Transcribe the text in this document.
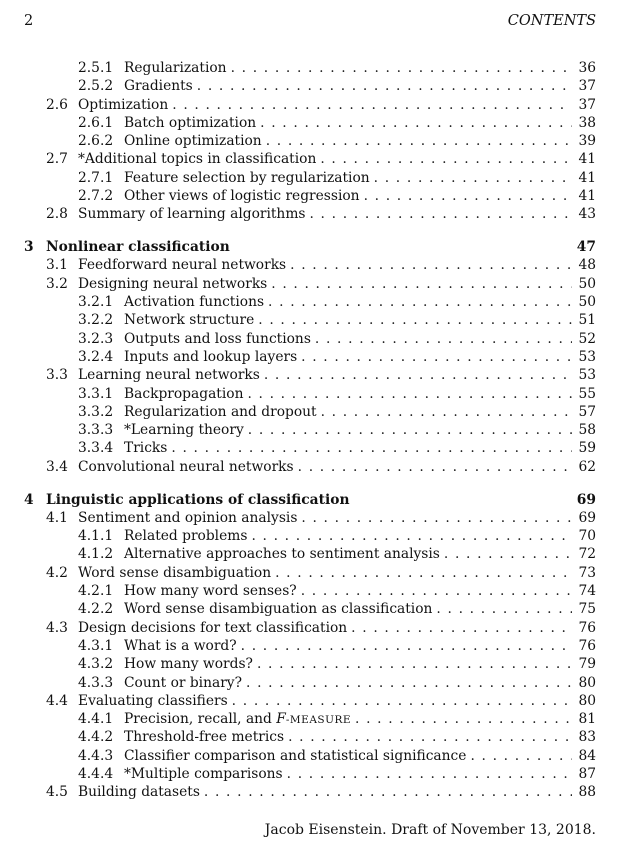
2	CONTENTS
2.5.1 Regularization . . .	36
2.5.2 Gradients . . .	37
2.6 Optimization . . .	37
2.6.1 Batch optimization . . .	38
2.6.2 Online optimization . . .	39
2.7 *Additional topics in classification . . .	41
2.7.1 Feature selection by regularization . . .	41
2.7.2 Other views of logistic regression . . .	41
2.8 Summary of learning algorithms . . .	43
3 Nonlinear classification	47
3.1 Feedforward neural networks . . .	48
3.2 Designing neural networks . . .	50
3.2.1 Activation functions . . .	50
3.2.2 Network structure . . .	51
3.2.3 Outputs and loss functions . . .	52
3.2.4 Inputs and lookup layers . . .	53
3.3 Learning neural networks . . .	53
3.3.1 Backpropagation . . .	55
3.3.2 Regularization and dropout . . .	57
3.3.3 *Learning theory . . .	58
3.3.4 Tricks . . .	59
3.4 Convolutional neural networks . . .	62
4 Linguistic applications of classification	69
4.1 Sentiment and opinion analysis . . .	69
4.1.1 Related problems . . .	70
4.1.2 Alternative approaches to sentiment analysis . . .	72
4.2 Word sense disambiguation . . .	73
4.2.1 How many word senses? . . .	74
4.2.2 Word sense disambiguation as classification . . .	75
4.3 Design decisions for text classification . . .	76
4.3.1 What is a word? . . .	76
4.3.2 How many words? . . .	79
4.3.3 Count or binary? . . .	80
4.4 Evaluating classifiers . . .	80
4.4.1 Precision, recall, and F-MEASURE . . .	81
4.4.2 Threshold-free metrics . . .	83
4.4.3 Classifier comparison and statistical significance . . .	84
4.4.4 *Multiple comparisons . . .	87
4.5 Building datasets . . .	88
Jacob Eisenstein. Draft of November 13, 2018.
